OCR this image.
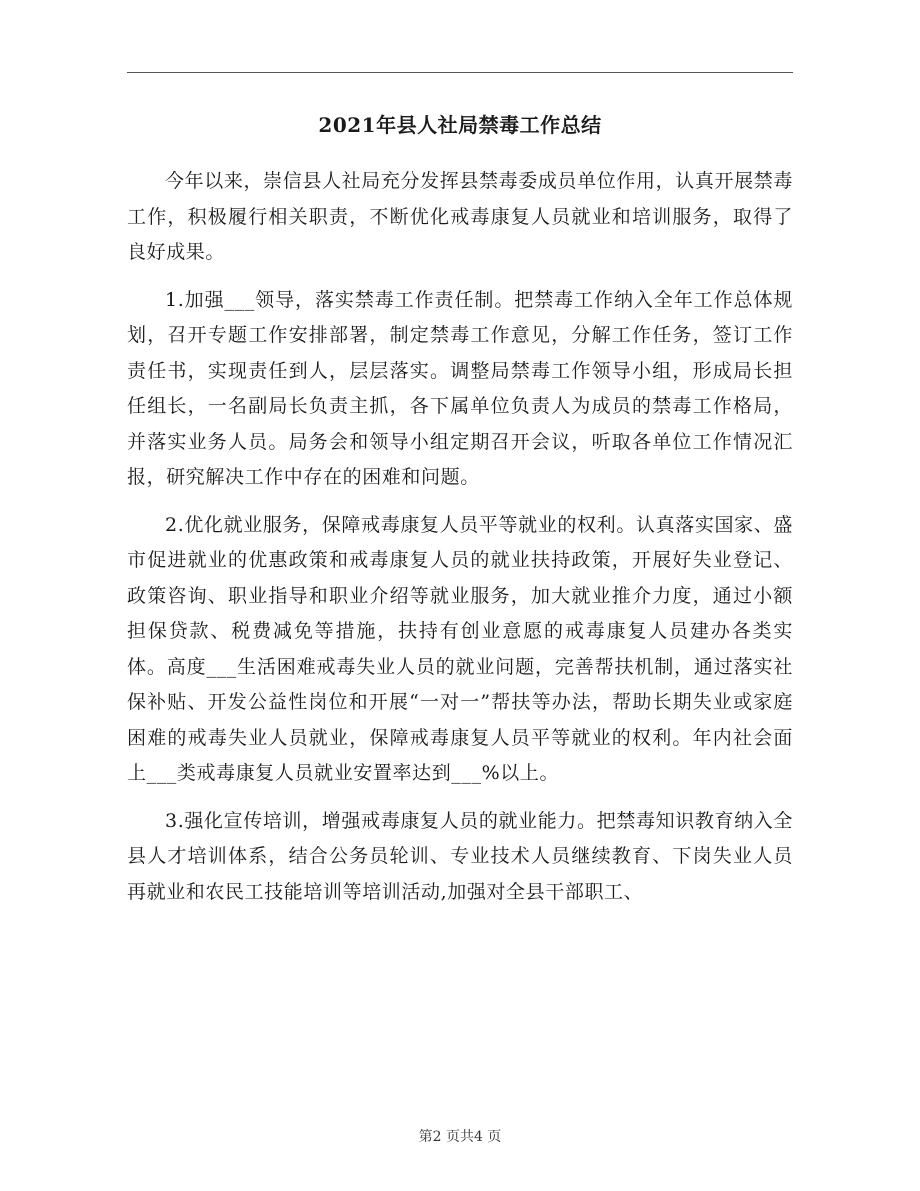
2021年县人社局禁毒工作总结

今年以来，崇信县人社局充分发挥县禁毒委成员单位作用，认真开展禁毒工作，积极履行相关职责，不断优化戒毒康复人员就业和培训服务，取得了良好成果。

1.加强___领导，落实禁毒工作责任制。把禁毒工作纳入全年工作总体规划，召开专题工作安排部署，制定禁毒工作意见，分解工作任务，签订工作责任书，实现责任到人，层层落实。调整局禁毒工作领导小组，形成局长担任组长，一名副局长负责主抓，各下属单位负责人为成员的禁毒工作格局，并落实业务人员。局务会和领导小组定期召开会议，听取各单位工作情况汇报，研究解决工作中存在的困难和问题。

2.优化就业服务，保障戒毒康复人员平等就业的权利。认真落实国家、盛市促进就业的优惠政策和戒毒康复人员的就业扶持政策，开展好失业登记、政策咨询、职业指导和职业介绍等就业服务，加大就业推介力度，通过小额担保贷款、税费减免等措施，扶持有创业意愿的戒毒康复人员建办各类实体。高度___生活困难戒毒失业人员的就业问题，完善帮扶机制，通过落实社保补贴、开发公益性岗位和开展“一对一”帮扶等办法，帮助长期失业或家庭困难的戒毒失业人员就业，保障戒毒康复人员平等就业的权利。年内社会面上___类戒毒康复人员就业安置率达到___%以上。

3.强化宣传培训，增强戒毒康复人员的就业能力。把禁毒知识教育纳入全县人才培训体系，结合公务员轮训、专业技术人员继续教育、下岗失业人员再就业和农民工技能培训等培训活动,加强对全县干部职工、

第2 页共4 页
